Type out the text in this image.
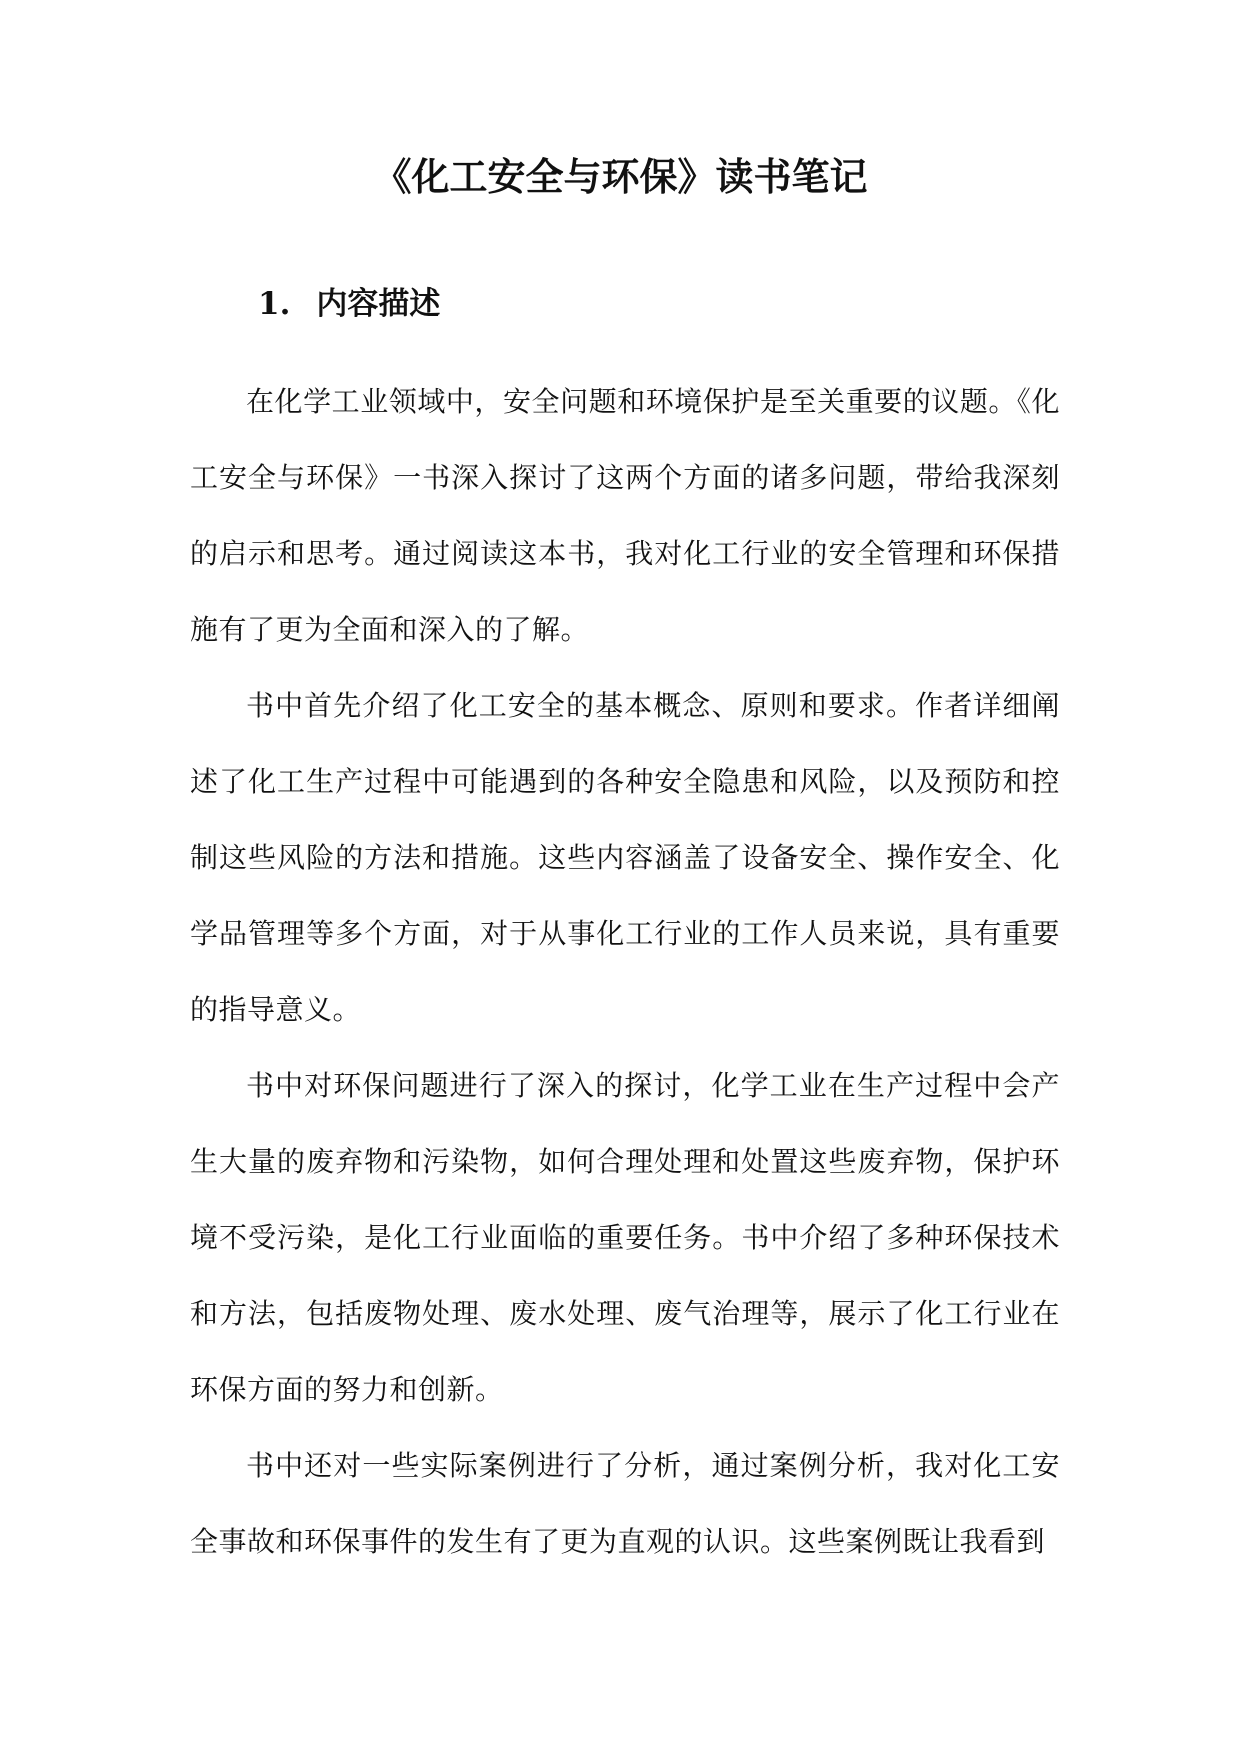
《化工安全与环保》读书笔记
1. 内容描述

在化学工业领域中，安全问题和环境保护是至关重要的议题。《化工安全与环保》一书深入探讨了这两个方面的诸多问题，带给我深刻的启示和思考。通过阅读这本书，我对化工行业的安全管理和环保措施有了更为全面和深入的了解。

书中首先介绍了化工安全的基本概念、原则和要求。作者详细阐述了化工生产过程中可能遇到的各种安全隐患和风险，以及预防和控制这些风险的方法和措施。这些内容涵盖了设备安全、操作安全、化学品管理等多个方面，对于从事化工行业的工作人员来说，具有重要的指导意义。

书中对环保问题进行了深入的探讨，化学工业在生产过程中会产生大量的废弃物和污染物，如何合理处理和处置这些废弃物，保护环境不受污染，是化工行业面临的重要任务。书中介绍了多种环保技术和方法，包括废物处理、废水处理、废气治理等，展示了化工行业在环保方面的努力和创新。

书中还对一些实际案例进行了分析，通过案例分析，我对化工安全事故和环保事件的发生有了更为直观的认识。这些案例既让我看到
